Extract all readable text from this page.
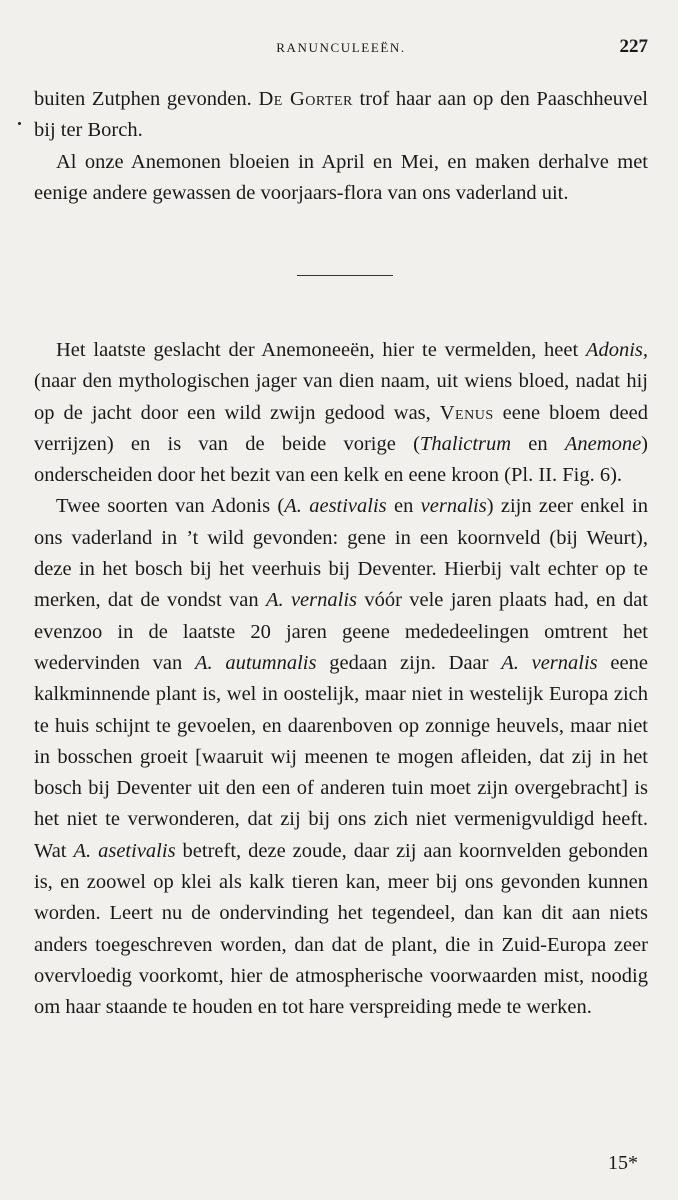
RANUNCULEEËN.	227

buiten Zutphen gevonden. De Gorter trof haar aan op den Paaschheuvel bij ter Borch.

Al onze Anemonen bloeien in April en Mei, en maken derhalve met eenige andere gewassen de voorjaars-flora van ons vaderland uit.

Het laatste geslacht der Anemoneeën, hier te vermelden, heet Adonis, (naar den mythologischen jager van dien naam, uit wiens bloed, nadat hij op de jacht door een wild zwijn gedood was, Venus eene bloem deed verrijzen) en is van de beide vorige (Thalictrum en Anemone) onderscheiden door het bezit van een kelk en eene kroon (Pl. II. Fig. 6).

Twee soorten van Adonis (A. aestivalis en vernalis) zijn zeer enkel in ons vaderland in ’t wild gevonden: gene in een koornveld (bij Weurt), deze in het bosch bij het veerhuis bij Deventer. Hierbij valt echter op te merken, dat de vondst van A. vernalis vóór vele jaren plaats had, en dat evenzoo in de laatste 20 jaren geene mededeelingen omtrent het wedervinden van A. autumnalis gedaan zijn. Daar A. vernalis eene kalkminnende plant is, wel in oostelijk, maar niet in westelijk Europa zich te huis schijnt te gevoelen, en daarenboven op zonnige heuvels, maar niet in bosschen groeit [waaruit wij meenen te mogen afleiden, dat zij in het bosch bij Deventer uit den een of anderen tuin moet zijn overgebracht] is het niet te verwonderen, dat zij bij ons zich niet vermenigvuldigd heeft. Wat A. asetivalis betreft, deze zoude, daar zij aan koornvelden gebonden is, en zoowel op klei als kalk tieren kan, meer bij ons gevonden kunnen worden. Leert nu de ondervinding het tegendeel, dan kan dit aan niets anders toegeschreven worden, dan dat de plant, die in Zuid-Europa zeer overvloedig voorkomt, hier de atmospherische voorwaarden mist, noodig om haar staande te houden en tot hare verspreiding mede te werken.

15*
